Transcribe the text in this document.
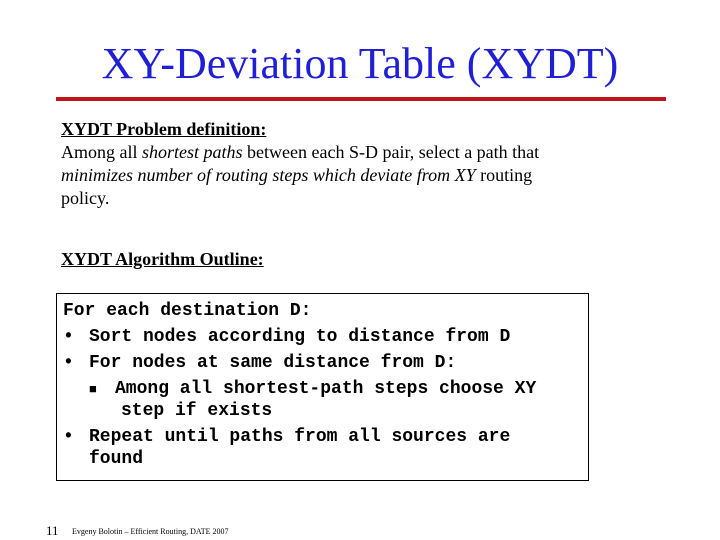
XY-Deviation Table (XYDT)
XYDT Problem definition:
Among all shortest paths between each S-D pair, select a path that
minimizes number of routing steps which deviate from XY routing
policy.
XYDT Algorithm Outline:
For each destination D:
• Sort nodes according to distance from D
• For nodes at same distance from D:
■ Among all shortest-path steps choose XY
step if exists
• Repeat until paths from all sources are
found
11 Evgeny Bolotin – Efficient Routing, DATE 2007
